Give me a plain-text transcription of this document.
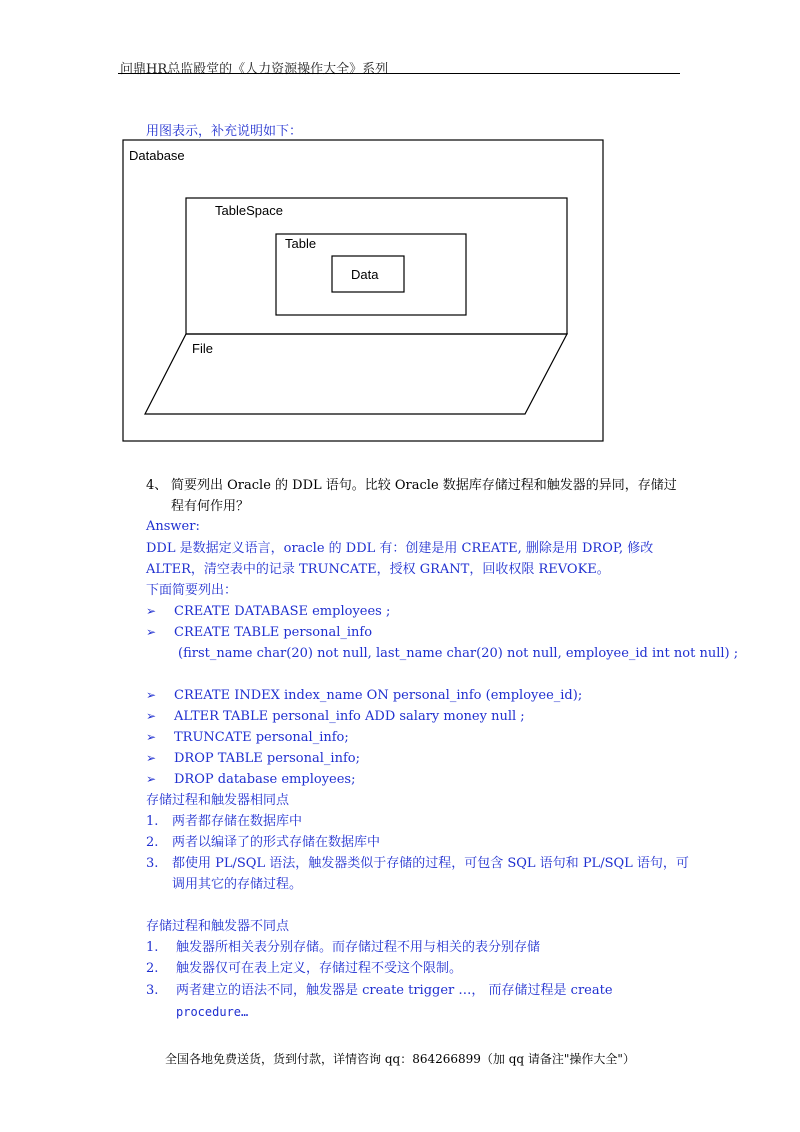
问鼎HR总监殿堂的《人力资源操作大全》系列
用图表示，补充说明如下：
Database
TableSpace
Table
Data
File
4、 简要列出 Oracle 的 DDL 语句。比较 Oracle 数据库存储过程和触发器的异同，存储过
程有何作用？
Answer:
DDL 是数据定义语言，oracle 的 DDL 有：创建是用 CREATE, 删除是用 DROP, 修改
ALTER，清空表中的记录 TRUNCATE，授权 GRANT，回收权限 REVOKE。
下面简要列出：
➢ CREATE DATABASE employees ;
➢ CREATE TABLE personal_info
(first_name char(20) not null, last_name char(20) not null, employee_id int not null) ;
➢ CREATE INDEX index_name ON personal_info (employee_id);
➢ ALTER TABLE personal_info ADD salary money null ;
➢ TRUNCATE personal_info;
➢ DROP TABLE personal_info;
➢ DROP database employees;
存储过程和触发器相同点
1. 两者都存储在数据库中
2. 两者以编译了的形式存储在数据库中
3. 都使用 PL/SQL 语法，触发器类似于存储的过程，可包含 SQL 语句和 PL/SQL 语句，可
调用其它的存储过程。
存储过程和触发器不同点
1. 触发器所相关表分别存储。而存储过程不用与相关的表分别存储
2. 触发器仅可在表上定义，存储过程不受这个限制。
3. 两者建立的语法不同，触发器是 create trigger …， 而存储过程是 create
procedure…
全国各地免费送货，货到付款，详情咨询 qq：864266899（加 qq 请备注"操作大全"）
